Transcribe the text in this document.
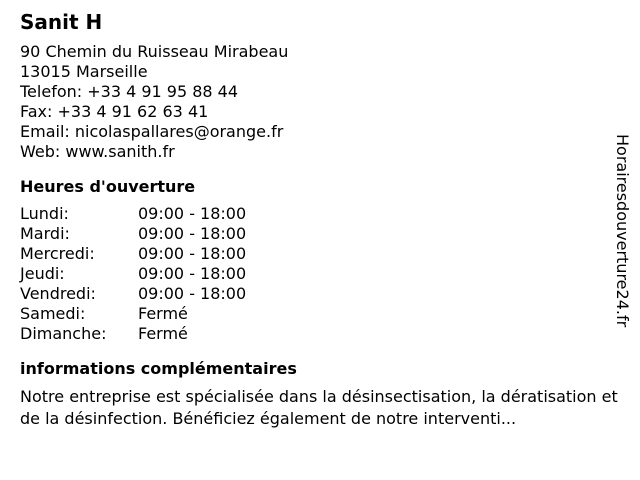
Sanit H
90 Chemin du Ruisseau Mirabeau
13015 Marseille
Telefon: +33 4 91 95 88 44
Fax: +33 4 91 62 63 41
Email: nicolaspallares@orange.fr
Web: www.sanith.fr
Heures d'ouverture
Lundi:	09:00 - 18:00
Mardi:	09:00 - 18:00
Mercredi:	09:00 - 18:00
Jeudi:	09:00 - 18:00
Vendredi:	09:00 - 18:00
Samedi:	Fermé
Dimanche:	Fermé
informations complémentaires
Notre entreprise est spécialisée dans la désinsectisation, la dératisation et de la désinfection. Bénéficiez également de notre interventi...
Horairesdouverture24.fr
